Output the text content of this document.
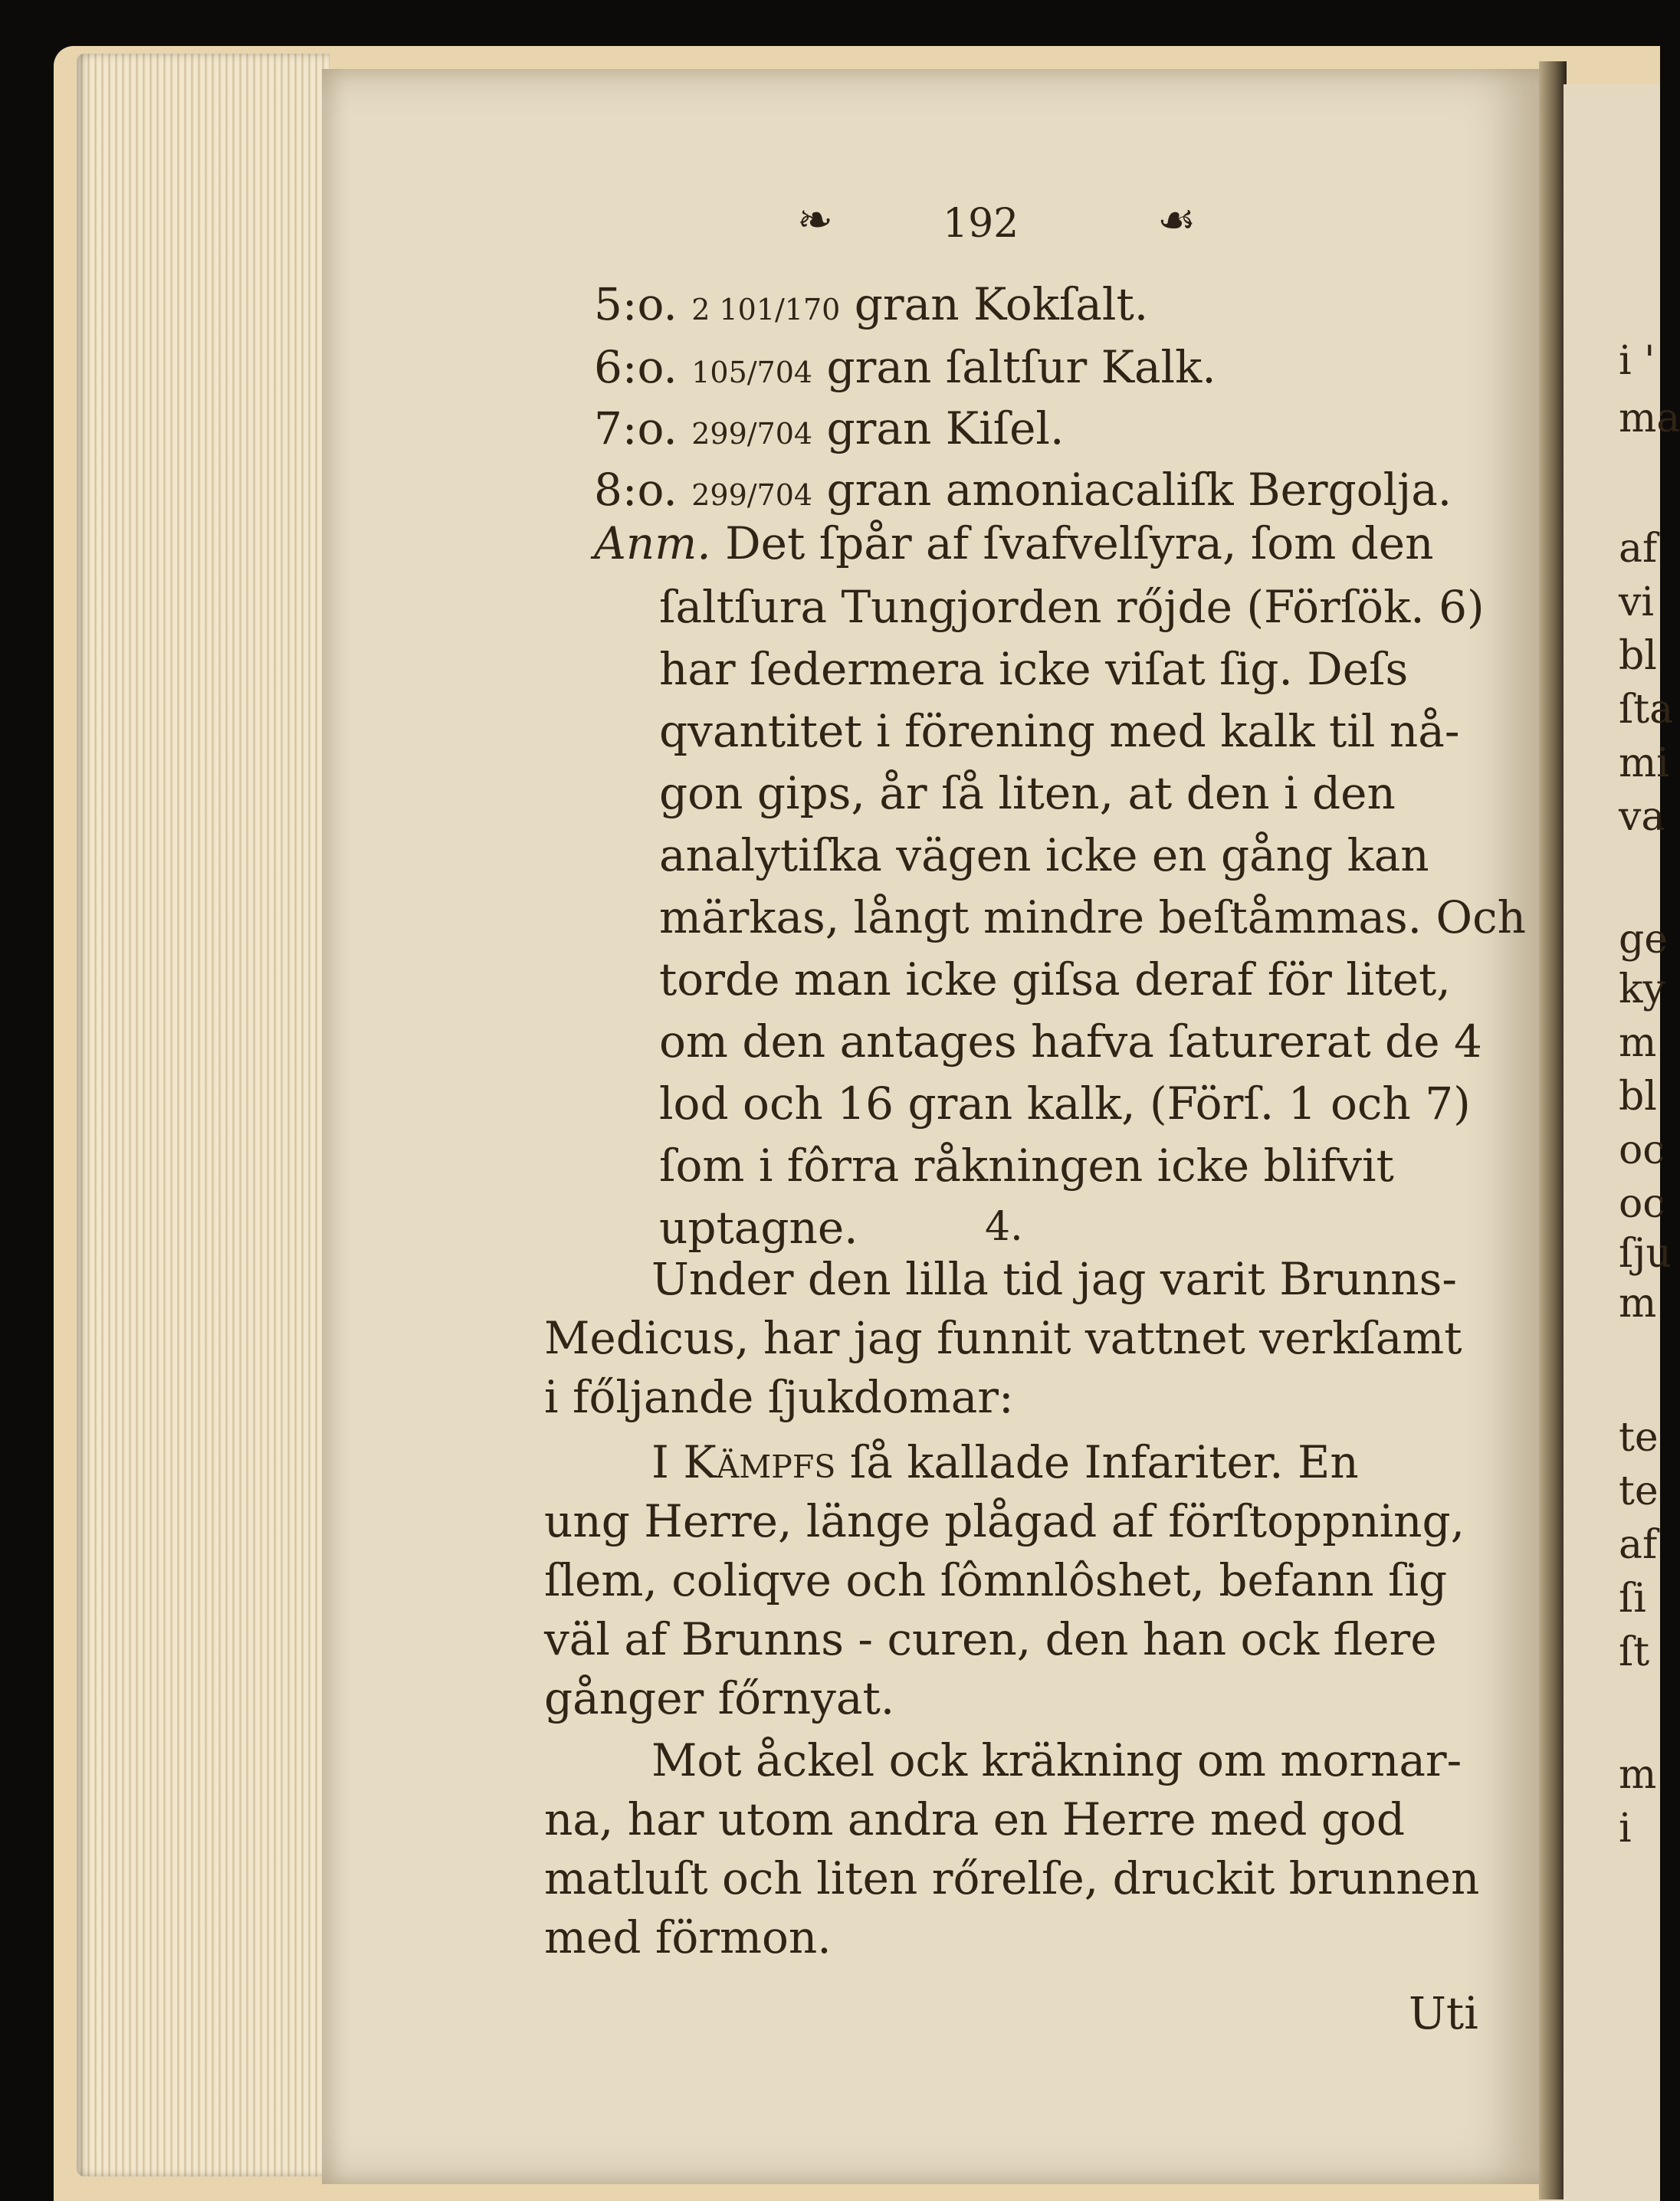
❧	192	☙
5:o. 2 101/170 gran Kokſalt.
6:o. 105/704 gran ſaltſur Kalk.
7:o. 299/704 gran Kiſel.
8:o. 299/704 gran amoniacaliſk Bergolja.
Anm. Det ſpår af ſvafvelſyra, ſom den
ſaltſura Tungjorden rőjde (Förſök. 6)
har ſedermera icke viſat ſig. Deſs
qvantitet i förening med kalk til nå-
gon gips, år ſå liten, at den i den
analytiſka vägen icke en gång kan
märkas, långt mindre beſtåmmas. Och
torde man icke giſsa deraf för litet,
om den antages hafva ſaturerat de 4
lod och 16 gran kalk, (Förſ. 1 och 7)
ſom i fôrra råkningen icke blifvit
uptagne.	4.
Under den lilla tid jag varit Brunns-
Medicus, har jag funnit vattnet verkſamt
i főljande ſjukdomar:
I Kämpfs ſå kallade Infariter. En
ung Herre, länge plågad af förſtoppning,
ſlem, coliqve och ſômnlôshet, befann ſig
väl af Brunns - curen, den han ock flere
gånger főrnyat.
Mot åckel ock kräkning om mornar-
na, har utom andra en Herre med god
matluſt och liten rőrelſe, druckit brunnen
med förmon.
Uti
i '
ma
af
vi
bl
ſta
mi
va
ge
ky
m
bl
oc
oc
ſju
m
te
te
af
ſi
ſt
m
i
